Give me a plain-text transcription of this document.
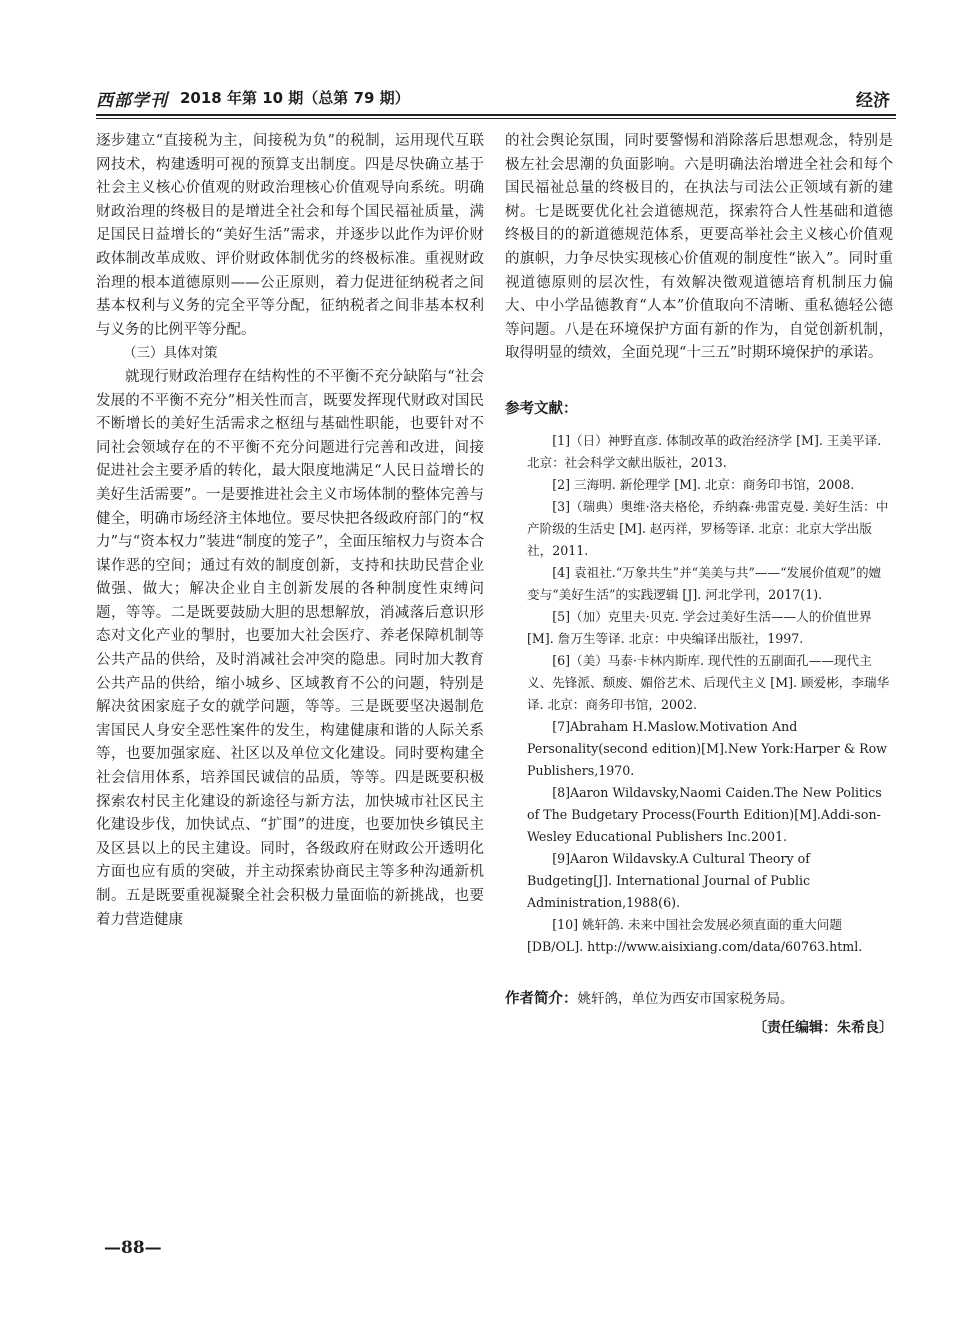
西部学刊 2018 年第 10 期（总第 79 期）	经济

逐步建立“直接税为主，间接税为负”的税制，运用现代互联网技术，构建透明可视的预算支出制度。四是尽快确立基于社会主义核心价值观的财政治理核心价值观导向系统。明确财政治理的终极目的是增进全社会和每个国民福祉质量，满足国民日益增长的“美好生活”需求，并逐步以此作为评价财政体制改革成败、评价财政体制优劣的终极标准。重视财政治理的根本道德原则——公正原则，着力促进征纳税者之间基本权利与义务的完全平等分配，征纳税者之间非基本权利与义务的比例平等分配。

（三）具体对策

就现行财政治理存在结构性的不平衡不充分缺陷与“社会发展的不平衡不充分”相关性而言，既要发挥现代财政对国民不断增长的美好生活需求之枢纽与基础性职能，也要针对不同社会领域存在的不平衡不充分问题进行完善和改进，间接促进社会主要矛盾的转化，最大限度地满足“人民日益增长的美好生活需要”。一是要推进社会主义市场体制的整体完善与健全，明确市场经济主体地位。要尽快把各级政府部门的“权力”与“资本权力”装进“制度的笼子”，全面压缩权力与资本合谋作恶的空间；通过有效的制度创新，支持和扶助民营企业做强、做大；解决企业自主创新发展的各种制度性束缚问题，等等。二是既要鼓励大胆的思想解放，消减落后意识形态对文化产业的掣肘，也要加大社会医疗、养老保障机制等公共产品的供给，及时消减社会冲突的隐患。同时加大教育公共产品的供给，缩小城乡、区域教育不公的问题，特别是解决贫困家庭子女的就学问题，等等。三是既要坚决遏制危害国民人身安全恶性案件的发生，构建健康和谐的人际关系等，也要加强家庭、社区以及单位文化建设。同时要构建全社会信用体系，培养国民诚信的品质，等等。四是既要积极探索农村民主化建设的新途径与新方法，加快城市社区民主化建设步伐，加快试点、“扩围”的进度，也要加快乡镇民主及区县以上的民主建设。同时，各级政府在财政公开透明化方面也应有质的突破，并主动探索协商民主等多种沟通新机制。五是既要重视凝聚全社会积极力量面临的新挑战，也要着力营造健康

的社会舆论氛围，同时要警惕和消除落后思想观念，特别是极左社会思潮的负面影响。六是明确法治增进全社会和每个国民福祉总量的终极目的，在执法与司法公正领域有新的建树。七是既要优化社会道德规范，探索符合人性基础和道德终极目的的新道德规范体系，更要高举社会主义核心价值观的旗帜，力争尽快实现核心价值观的制度性“嵌入”。同时重视道德原则的层次性，有效解决徵观道德培育机制压力偏大、中小学品德教育“人本”价值取向不清晰、重私德轻公德等问题。八是在环境保护方面有新的作为，自觉创新机制，取得明显的绩效，全面兑现“十三五”时期环境保护的承诺。

参考文献：

[1]（日）神野直彦. 体制改革的政治经济学 [M]. 王美平译. 北京：社会科学文献出版社，2013.

[2] 三海明. 新伦理学 [M]. 北京：商务印书馆，2008.

[3]（瑞典）奥维·洛夫格伦，乔纳森·弗雷克曼. 美好生活：中产阶级的生活史 [M]. 赵丙祥，罗杨等译. 北京：北京大学出版社，2011.

[4] 袁祖社.“万象共生”并“美美与共”——“发展价值观”的嬗变与“美好生活”的实践逻辑 [J]. 河北学刊，2017(1).

[5]（加）克里夫·贝克. 学会过美好生活——人的价值世界 [M]. 詹万生等译. 北京：中央编译出版社，1997.

[6]（美）马泰·卡林内斯库. 现代性的五副面孔——现代主义、先锋派、颓废、媚俗艺术、后现代主义 [M]. 顾爱彬，李瑞华译. 北京：商务印书馆，2002.

[7]Abraham H.Maslow.Motivation And Personality(second edition)[M].New York:Harper & Row Publishers,1970.

[8]Aaron Wildavsky,Naomi Caiden.The New Politics of The Budgetary Process(Fourth Edition)[M].Addi-son- Wesley Educational Publishers Inc.2001.

[9]Aaron Wildavsky.A Cultural Theory of Budgeting[J]. International Journal of Public Administration,1988(6).

[10] 姚轩鸽. 未来中国社会发展必须直面的重大问题 [DB/OL]. http://www.aisixiang.com/data/60763.html.

作者简介：姚轩鸽，单位为西安市国家税务局。
〔责任编辑：朱希良〕
—88—
